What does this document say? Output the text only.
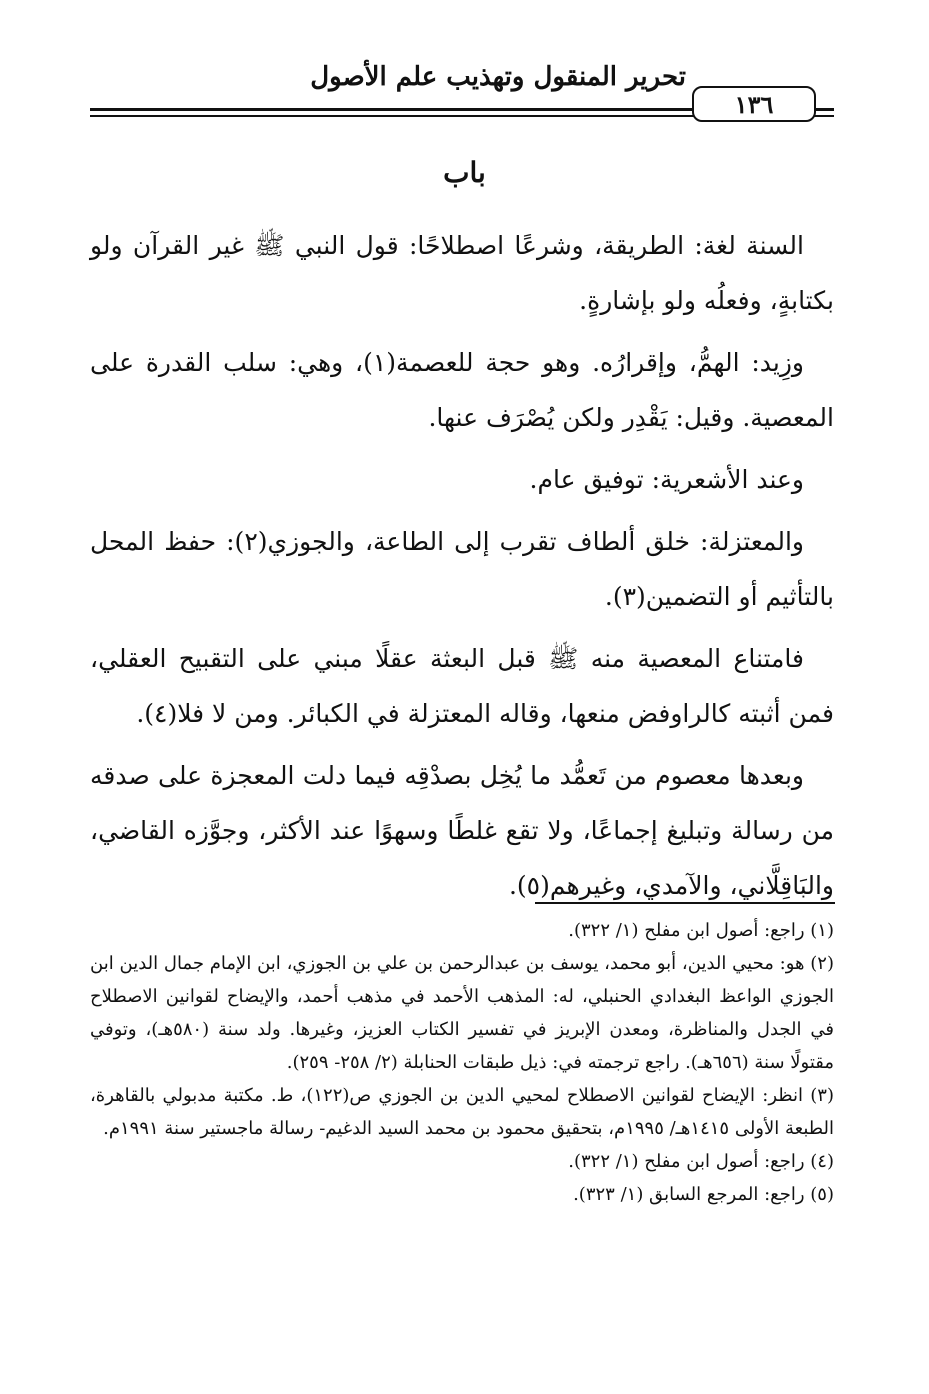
تحرير المنقول وتهذيب علم الأصول
١٣٦
باب

السنة لغة: الطريقة، وشرعًا اصطلاحًا: قول النبي ﷺ غير القرآن ولو بكتابةٍ، وفعلُه ولو بإشارةٍ.

وزِيد: الهمُّ، وإقرارُه. وهو حجة للعصمة(١)، وهي: سلب القدرة على المعصية. وقيل: يَقْدِر ولكن يُصْرَف عنها.

وعند الأشعرية: توفيق عام.

والمعتزلة: خلق ألطاف تقرب إلى الطاعة، والجوزي(٢): حفظ المحل بالتأثيم أو التضمين(٣).

فامتناع المعصية منه ﷺ قبل البعثة عقلًا مبني على التقبيح العقلي، فمن أثبته كالراوفض منعها، وقاله المعتزلة في الكبائر. ومن لا فلا(٤).

وبعدها معصوم من تَعمُّد ما يُخِل بصدْقِه فيما دلت المعجزة على صدقه من رسالة وتبليغ إجماعًا، ولا تقع غلطًا وسهوًا عند الأكثر، وجوَّزه القاضي، والبَاقِلَّاني، والآمدي، وغيرهم(٥).

(١) راجع: أصول ابن مفلح (١/ ٣٢٢).

(٢) هو: محيي الدين، أبو محمد، يوسف بن عبدالرحمن بن علي بن الجوزي، ابن الإمام جمال الدين ابن الجوزي الواعظ البغدادي الحنبلي، له: المذهب الأحمد في مذهب أحمد، والإيضاح لقوانين الاصطلاح في الجدل والمناظرة، ومعدن الإبريز في تفسير الكتاب العزيز، وغيرها. ولد سنة (٥٨٠هـ)، وتوفي مقتولًا سنة (٦٥٦هـ). راجع ترجمته في: ذيل طبقات الحنابلة (٢/ ٢٥٨- ٢٥٩).

(٣) انظر: الإيضاح لقوانين الاصطلاح لمحيي الدين بن الجوزي ص(١٢٢)، ط. مكتبة مدبولي بالقاهرة، الطبعة الأولى ١٤١٥هـ/ ١٩٩٥م، بتحقيق محمود بن محمد السيد الدغيم- رسالة ماجستير سنة ١٩٩١م.

(٤) راجع: أصول ابن مفلح (١/ ٣٢٢).

(٥) راجع: المرجع السابق (١/ ٣٢٣).
